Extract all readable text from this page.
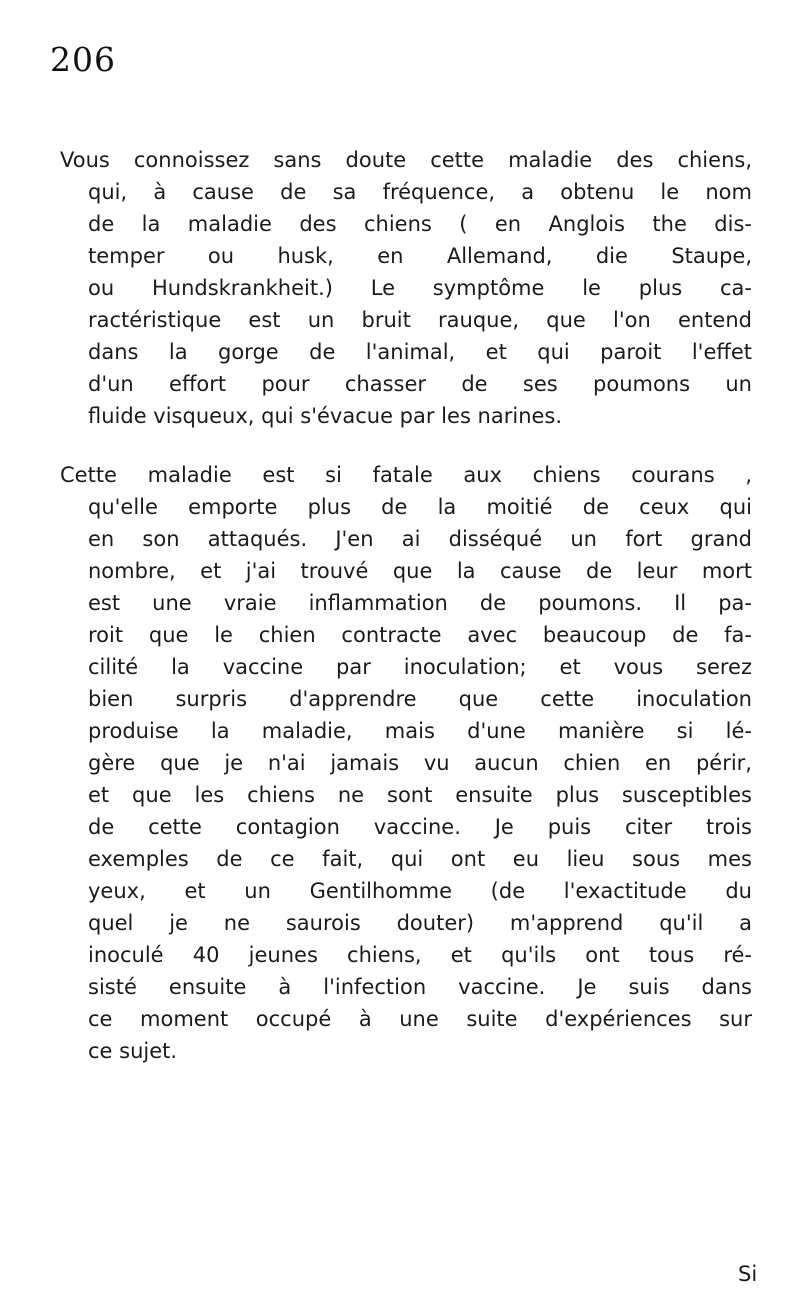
206
Vous connoissez sans doute cette maladie des chiens,
qui, à cause de sa fréquence, a obtenu le nom
de la maladie des chiens ( en Anglois the dis-
temper ou husk, en Allemand, die Staupe,
ou Hundskrankheit.) Le symptôme le plus ca-
ractéristique est un bruit rauque, que l'on entend
dans la gorge de l'animal, et qui paroit l'effet
d'un effort pour chasser de ses poumons un
fluide visqueux, qui s'évacue par les narines.
Cette maladie est si fatale aux chiens courans ,
qu'elle emporte plus de la moitié de ceux qui
en son attaqués. J'en ai disséqué un fort grand
nombre, et j'ai trouvé que la cause de leur mort
est une vraie inflammation de poumons. Il pa-
roit que le chien contracte avec beaucoup de fa-
cilité la vaccine par inoculation; et vous serez
bien surpris d'apprendre que cette inoculation
produise la maladie, mais d'une manière si lé-
gère que je n'ai jamais vu aucun chien en périr,
et que les chiens ne sont ensuite plus susceptibles
de cette contagion vaccine. Je puis citer trois
exemples de ce fait, qui ont eu lieu sous mes
yeux, et un Gentilhomme (de l'exactitude du
quel je ne saurois douter) m'apprend qu'il a
inoculé 40 jeunes chiens, et qu'ils ont tous ré-
sisté ensuite à l'infection vaccine. Je suis dans
ce moment occupé à une suite d'expériences sur
ce sujet.
Si
